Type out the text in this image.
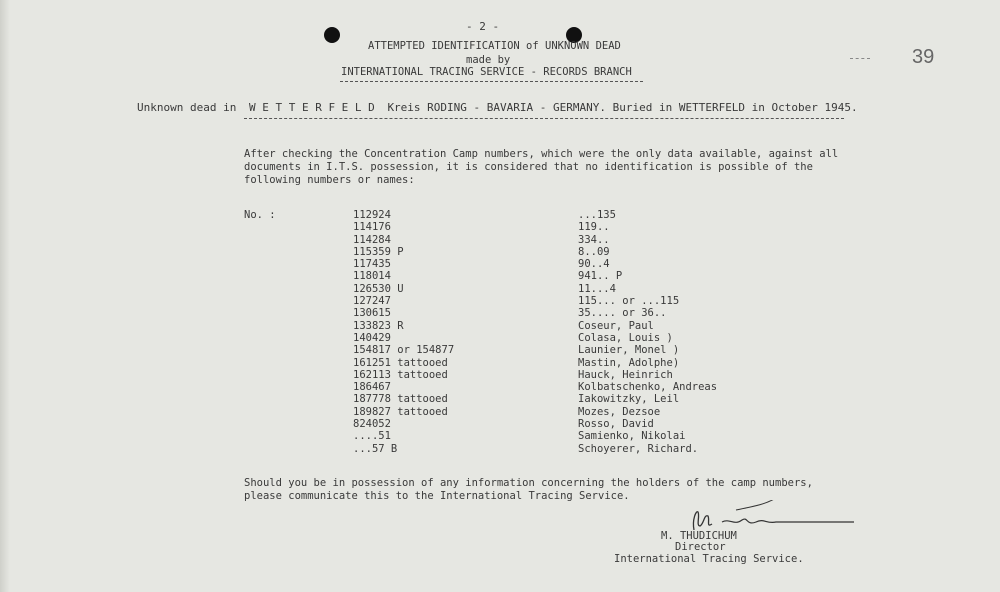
- 2 -
ATTEMPTED IDENTIFICATION of UNKNOWN DEAD
made by
INTERNATIONAL TRACING SERVICE - RECORDS BRANCH
39
Unknown dead in W E T T E R F E L D Kreis RODING - BAVARIA - GERMANY. Buried in WETTERFELD in October 1945.
After checking the Concentration Camp numbers, which were the only data available, against all
documents in I.T.S. possession, it is considered that no identification is possible of the
following numbers or names:
No. :	112924
114176
114284
115359 P
117435
118014
126530 U
127247
130615
133823 R
140429
154817 or 154877
161251 tattooed
162113 tattooed
186467
187778 tattooed
189827 tattooed
824052
....51
...57 B
...135
119..
334..
8..09
90..4
941.. P
11...4
115... or ...115
35.... or 36..
Coseur, Paul
Colasa, Louis )
Launier, Monel )
Mastin, Adolphe)
Hauck, Heinrich
Kolbatschenko, Andreas
Iakowitzky, Leil
Mozes, Dezsoe
Rosso, David
Samienko, Nikolai
Schoyerer, Richard.
Should you be in possession of any information concerning the holders of the camp numbers,
please communicate this to the International Tracing Service.
M. THUDICHUM
Director
International Tracing Service.
